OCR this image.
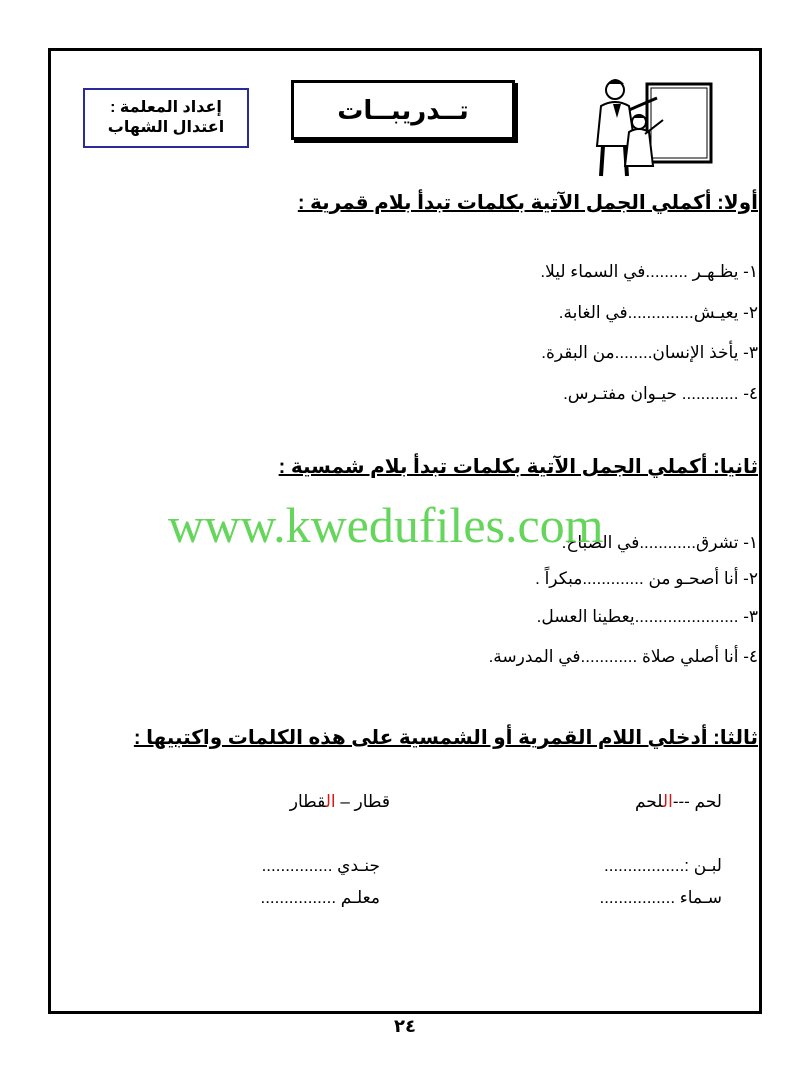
إعداد المعلمة :
اعتدال الشهاب
تــدريبــات
أولا: أكملي الجمل الآتية بكلمات تبدأ بلام قمرية :
١- يظـهـر .........في السماء ليلا.
٢- يعيـش..............في الغابة.
٣- يأخذ الإنسان........من البقرة.
٤- ............ حيـوان مفتـرس.
ثانيا: أكملي الجمل الآتية بكلمات تبدأ بلام شمسية :
١- تشرق............في الصباح.
٢- أنا أصحـو من .............مبكراً .
٣- ......................يعطينا العسل.
٤- أنا أصلي صلاة ............في المدرسة.
www.kwedufiles.com
ثالثا: أدخلي اللام القمرية أو الشمسية على هذه الكلمات واكتبيها :
لحم ---اللحم
قطار – القطار
لبـن :.................
جنـدي ...............
سـماء ................
معلـم ................
٢٤
